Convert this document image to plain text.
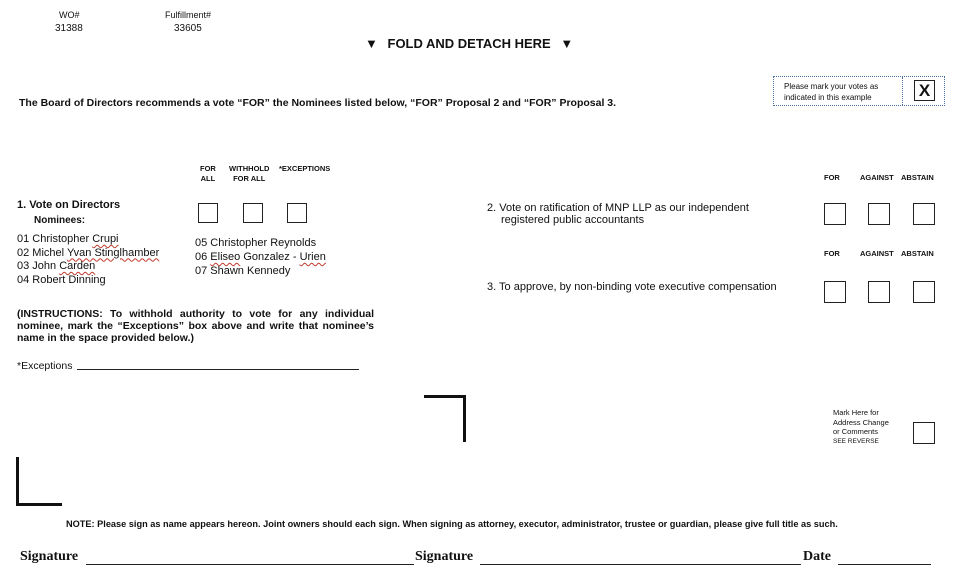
WO#
31388
Fulfillment#
33605
▼ FOLD AND DETACH HERE ▼
Please mark your votes as
indicated in this example	X
The Board of Directors recommends a vote “FOR” the Nominees listed below, “FOR” Proposal 2 and “FOR” Proposal 3.
FOR
ALL
WITHHOLD
FOR ALL
*EXCEPTIONS
1. Vote on Directors
Nominees:
01 Christopher Crupi
02 Michel Yvan Stinglhamber
03 John Carden
04 Robert Dinning
05 Christopher Reynolds
06 Eliseo Gonzalez - Urien
07 Shawn Kennedy
(INSTRUCTIONS: To withhold authority to vote for any individual nominee, mark the “Exceptions” box above and write that nominee’s name in the space provided below.)
*Exceptions
FOR	AGAINST ABSTAIN
2. Vote on ratification of MNP LLP as our independent
registered public accountants
FOR	AGAINST ABSTAIN
3. To approve, by non-binding vote executive compensation
Mark Here for
Address Change
or Comments
SEE REVERSE
NOTE: Please sign as name appears hereon. Joint owners should each sign. When signing as attorney, executor, administrator, trustee or guardian, please give full title as such.
Signature	Signature	Date
